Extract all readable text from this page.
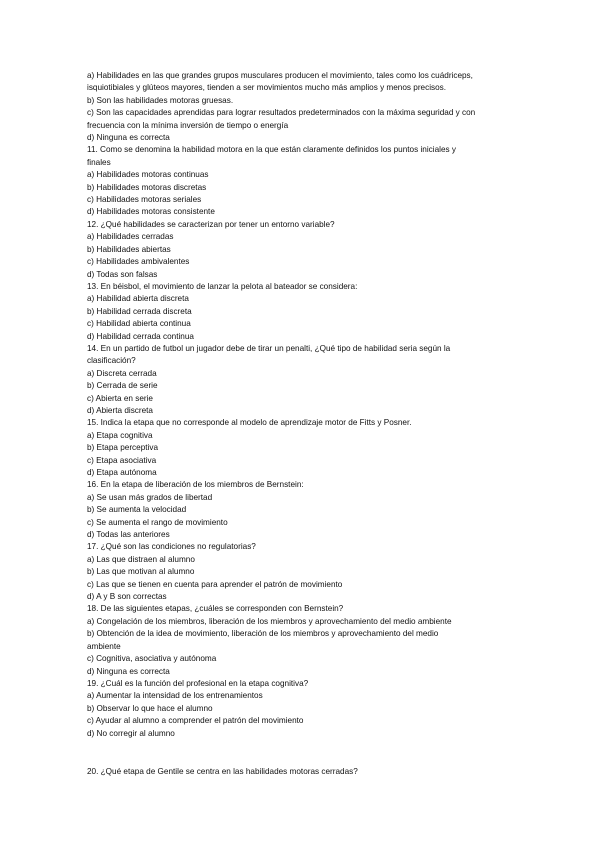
a) Habilidades en las que grandes grupos musculares producen el movimiento, tales como los cuádriceps,
isquiotibiales y glúteos mayores, tienden a ser movimientos mucho más amplios y menos precisos.
b) Son las habilidades motoras gruesas.
c) Son las capacidades aprendidas para lograr resultados predeterminados con la máxima seguridad y con
frecuencia con la mínima inversión de tiempo o energía
d) Ninguna es correcta
11. Como se denomina la habilidad motora en la que están claramente definidos los puntos iniciales y
finales
a) Habilidades motoras continuas
b) Habilidades motoras discretas
c) Habilidades motoras seriales
d) Habilidades motoras consistente
12. ¿Qué habilidades se caracterizan por tener un entorno variable?
a) Habilidades cerradas
b) Habilidades abiertas
c) Habilidades ambivalentes
d) Todas son falsas
13. En béisbol, el movimiento de lanzar la pelota al bateador se considera:
a) Habilidad abierta discreta
b) Habilidad cerrada discreta
c) Habilidad abierta continua
d) Habilidad cerrada continua
14. En un partido de futbol un jugador debe de tirar un penalti, ¿Qué tipo de habilidad seria según la
clasificación?
a) Discreta cerrada
b) Cerrada de serie
c) Abierta en serie
d) Abierta discreta
15. Indica la etapa que no corresponde al modelo de aprendizaje motor de Fitts y Posner.
a) Etapa cognitiva
b) Etapa perceptiva
c) Etapa asociativa
d) Etapa autónoma
16. En la etapa de liberación de los miembros de Bernstein:
a) Se usan más grados de libertad
b) Se aumenta la velocidad
c) Se aumenta el rango de movimiento
d) Todas las anteriores
17. ¿Qué son las condiciones no regulatorias?
a) Las que distraen al alumno
b) Las que motivan al alumno
c) Las que se tienen en cuenta para aprender el patrón de movimiento
d) A y B son correctas
18. De las siguientes etapas, ¿cuáles se corresponden con Bernstein?
a) Congelación de los miembros, liberación de los miembros y aprovechamiento del medio ambiente
b) Obtención de la idea de movimiento, liberación de los miembros y aprovechamiento del medio
ambiente
c) Cognitiva, asociativa y autónoma
d) Ninguna es correcta
19. ¿Cuál es la función del profesional en la etapa cognitiva?
a) Aumentar la intensidad de los entrenamientos
b) Observar lo que hace el alumno
c) Ayudar al alumno a comprender el patrón del movimiento
d) No corregir al alumno
20. ¿Qué etapa de Gentile se centra en las habilidades motoras cerradas?
